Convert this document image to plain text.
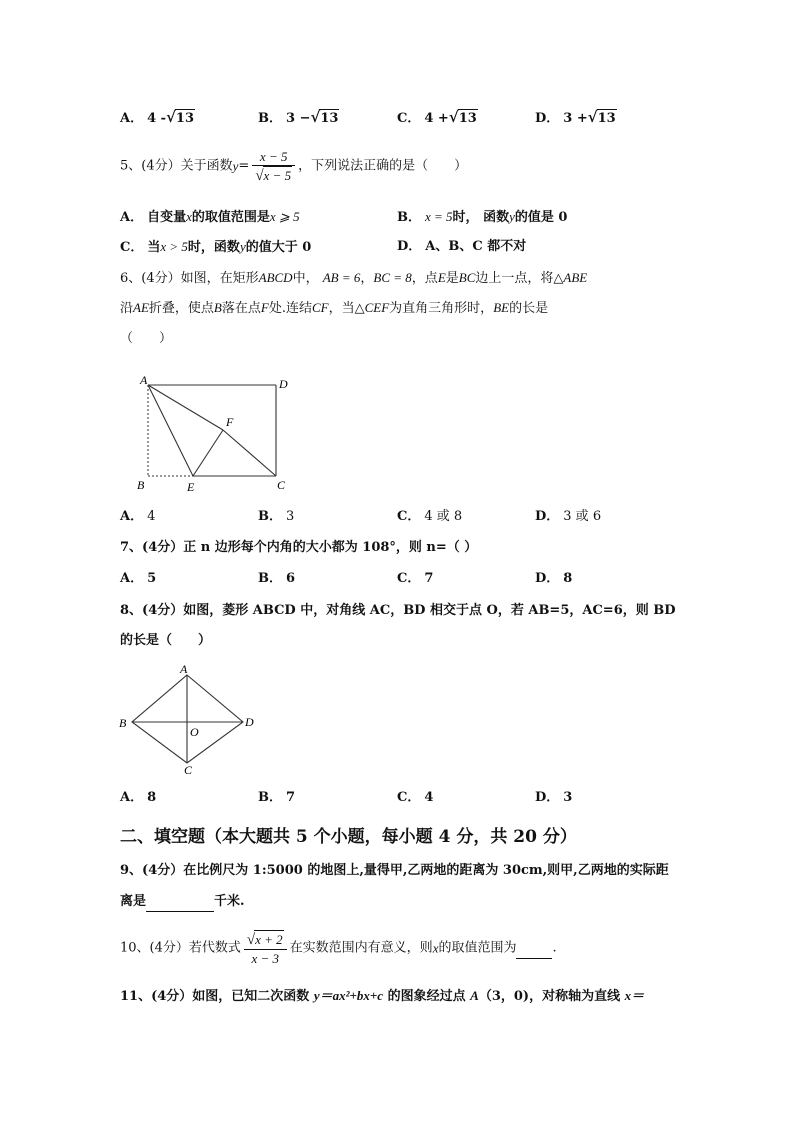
A． 4 -√13	B． 3 −√13	C． 4 +√13	D． 3 +√13
5、(4分）关于函数$y= \frac{x - 5}{√x - 5}$ ，下列说法正确的是（　　）
A． 自变量x的取值范围是x ⩾ 5	B． x = 5时， 函数y的值是 0
C． 当x > 5时，函数y的值大于 0	D． A、B、C 都不对
6、(4分）如图，在矩形ABCD中， AB = 6，BC = 8，点E是BC边上一点，将△ABE
沿AE折叠，使点B落在点F处.连结CF，当△CEF为直角三角形时，BE的长是
（　　）
A	D
B	E	C
F
A． 4	B． 3	C． 4 或 8	D． 3 或 6
7、(4分）正 n 边形每个内角的大小都为 108°，则 n=（ ）
A． 5	B． 6	C． 7	D． 8
8、(4分）如图，菱形 ABCD 中，对角线 AC，BD 相交于点 O，若 AB=5，AC=6，则 BD
的长是（　　）
A
B	D
C
O
A． 8	B． 7	C． 4	D． 3
二、填空题（本大题共 5 个小题，每小题 4 分，共 20 分）
9、(4分）在比例尺为 1:5000 的地图上,量得甲,乙两地的距离为 30cm,则甲,乙两地的实际距
离是	千米.
10、(4分）若代数式 $\frac{√x + 2}{x - 3}$ 在实数范围内有意义，则x的取值范围为	.
11、(4分）如图，已知二次函数 y＝ax²+bx+c 的图象经过点 A（3，0)，对称轴为直线 x＝
